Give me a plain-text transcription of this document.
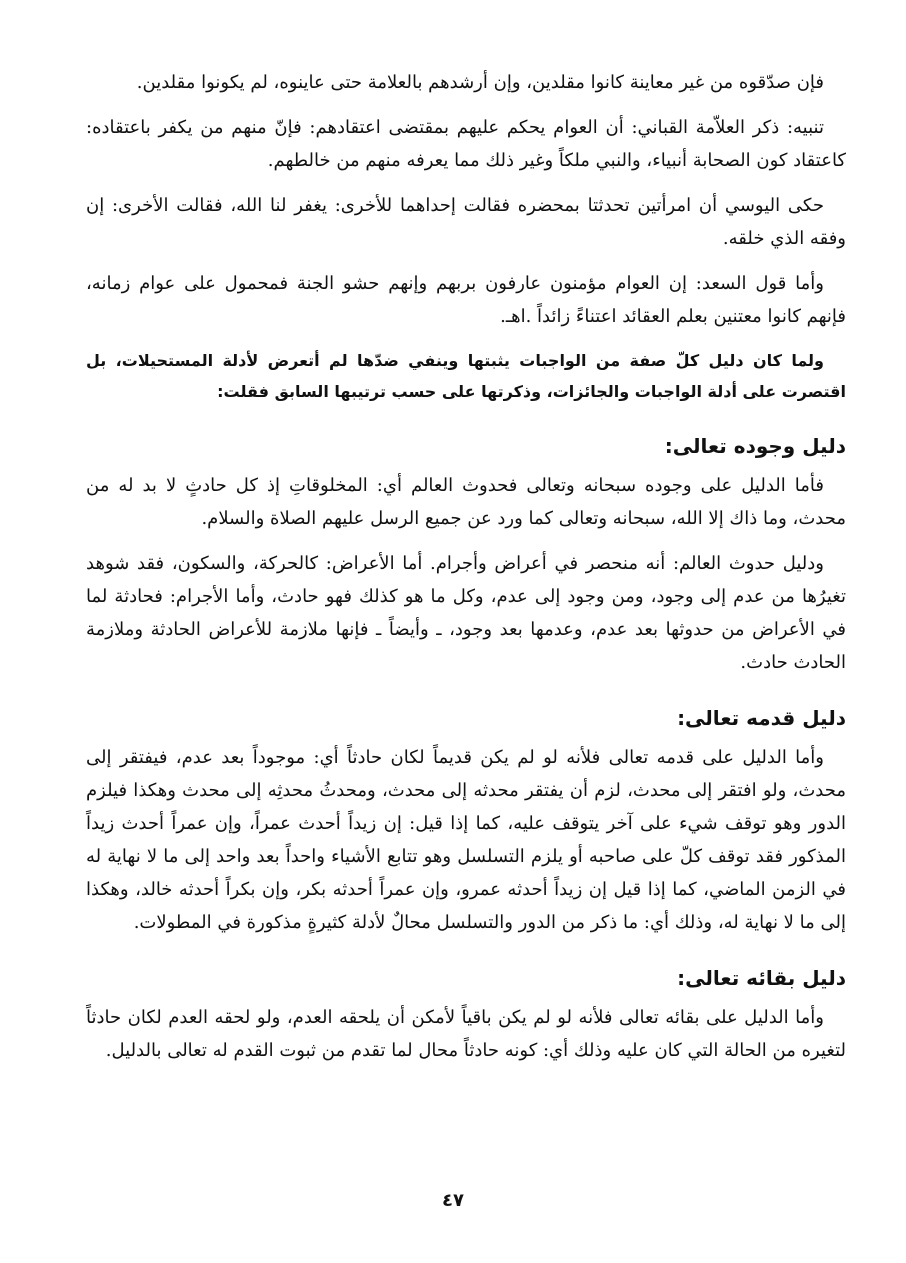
فإن صدّقوه من غير معاينة كانوا مقلدين، وإن أرشدهم بالعلامة حتى عاينوه، لم يكونوا مقلدين.

تنبيه: ذكر العلاّمة القباني: أن العوام يحكم عليهم بمقتضى اعتقادهم: فإنّ منهم من يكفر باعتقاده: كاعتقاد كون الصحابة أنبياء، والنبي ملكاً وغير ذلك مما يعرفه منهم من خالطهم.

حكى اليوسي أن امرأتين تحدثتا بمحضره فقالت إحداهما للأخرى: يغفر لنا الله، فقالت الأخرى: إن وفقه الذي خلقه.

وأما قول السعد: إن العوام مؤمنون عارفون بربهم وإنهم حشو الجنة فمحمول على عوام زمانه، فإنهم كانوا معتنين بعلم العقائد اعتناءً زائداً .اهـ.

ولما كان دليل كلّ صفة من الواجبات يثبتها وينفي ضدّها لم أتعرض لأدلة المستحيلات، بل اقتصرت على أدلة الواجبات والجائزات، وذكرتها على حسب ترتيبها السابق فقلت:

دليل وجوده تعالى:

فأما الدليل على وجوده سبحانه وتعالى فحدوث العالم أي: المخلوقاتِ إذ كل حادثٍ لا بد له من محدث، وما ذاك إلا الله، سبحانه وتعالى كما ورد عن جميع الرسل عليهم الصلاة والسلام.

ودليل حدوث العالم: أنه منحصر في أعراض وأجرام. أما الأعراض: كالحركة، والسكون، فقد شوهد تغيرُها من عدم إلى وجود، ومن وجود إلى عدم، وكل ما هو كذلك فهو حادث، وأما الأجرام: فحادثة لما في الأعراض من حدوثها بعد عدم، وعدمها بعد وجود، ـ وأيضاً ـ فإنها ملازمة للأعراض الحادثة وملازمة الحادث حادث.

دليل قدمه تعالى:

وأما الدليل على قدمه تعالى فلأنه لو لم يكن قديماً لكان حادثاً أي: موجوداً بعد عدم، فيفتقر إلى محدث، ولو افتقر إلى محدث، لزم أن يفتقر محدثه إلى محدث، ومحدثُ محدثِه إلى محدث وهكذا فيلزم الدور وهو توقف شيء على آخر يتوقف عليه، كما إذا قيل: إن زيداً أحدث عمراً، وإن عمراً أحدث زيداً المذكور فقد توقف كلّ على صاحبه أو يلزم التسلسل وهو تتابع الأشياء واحداً بعد واحد إلى ما لا نهاية له في الزمن الماضي، كما إذا قيل إن زيداً أحدثه عمرو، وإن عمراً أحدثه بكر، وإن بكراً أحدثه خالد، وهكذا إلى ما لا نهاية له، وذلك أي: ما ذكر من الدور والتسلسل محالٌ لأدلة كثيرةٍ مذكورة في المطولات.

دليل بقائه تعالى:

وأما الدليل على بقائه تعالى فلأنه لو لم يكن باقياً لأمكن أن يلحقه العدم، ولو لحقه العدم لكان حادثاً لتغيره من الحالة التي كان عليه وذلك أي: كونه حادثاً محال لما تقدم من ثبوت القدم له تعالى بالدليل.

٤٧
